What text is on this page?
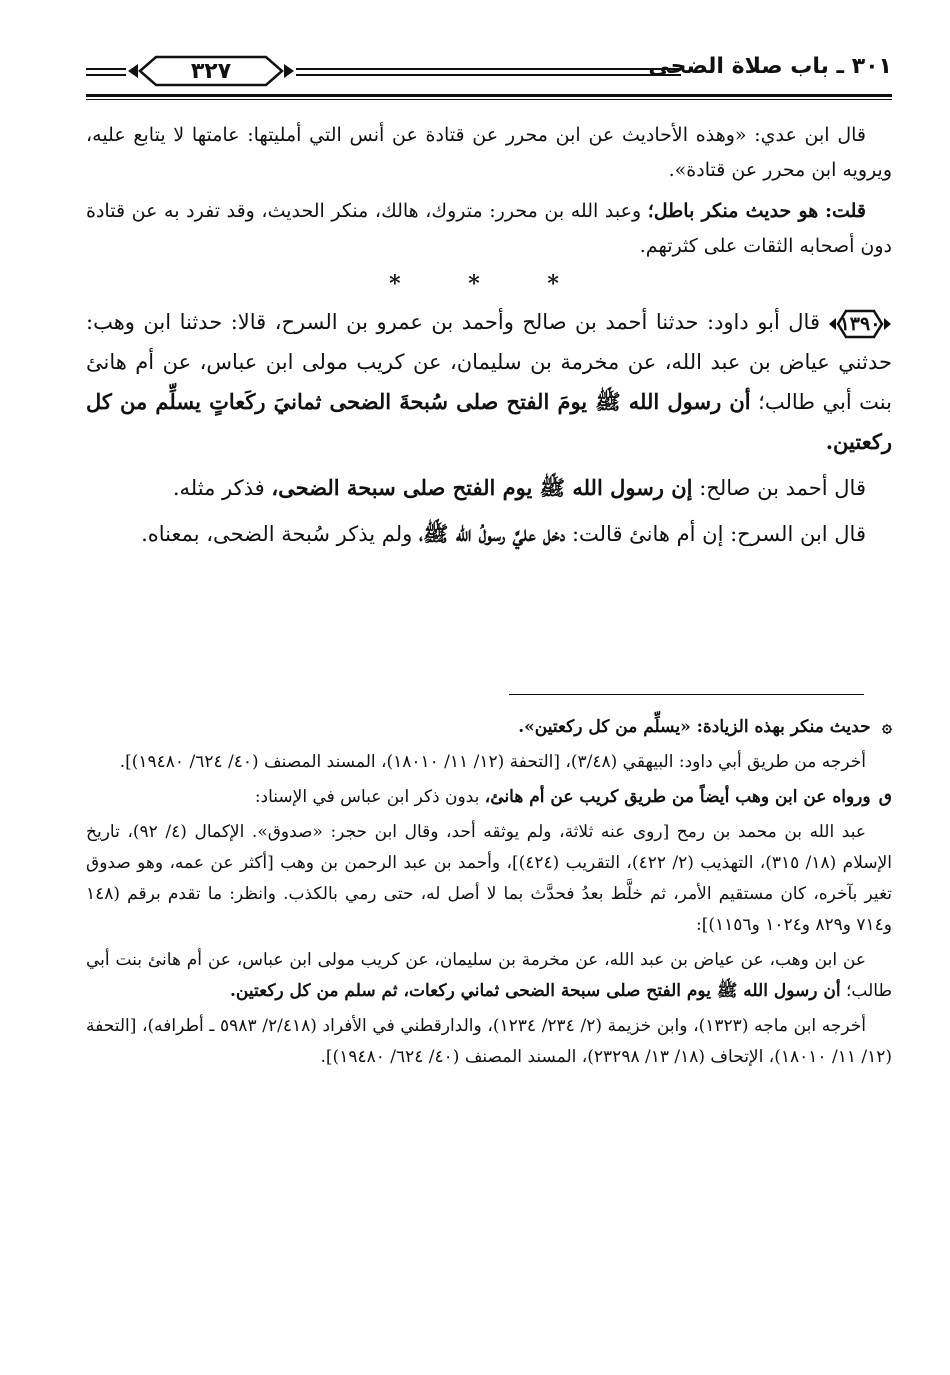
٣٠١ ـ باب صلاة الضحى
٣٢٧

قال ابن عدي: «وهذه الأحاديث عن ابن محرر عن قتادة عن أنس التي أمليتها: عامتها لا يتابع عليه، ويرويه ابن محرر عن قتادة».

قلت: هو حديث منكر باطل؛ وعبد الله بن محرر: متروك، هالك، منكر الحديث، وقد تفرد به عن قتادة دون أصحابه الثقات على كثرتهم.

* * *

١٣٩٠
قال أبو داود: حدثنا أحمد بن صالح وأحمد بن عمرو بن السرح، قالا: حدثنا ابن وهب: حدثني عياض بن عبد الله، عن مخرمة بن سليمان، عن كريب مولى ابن عباس، عن أم هانئ بنت أبي طالب؛ أن رسول الله ﷺ يومَ الفتح صلى سُبحةَ الضحى ثمانيَ ركَعاتٍ يسلِّم من كل ركعتين.

قال أحمد بن صالح: إن رسول الله ﷺ يوم الفتح صلى سبحة الضحى، فذكر مثله.

قال ابن السرح: إن أم هانئ قالت: دخل عليَّ رسولُ الله ﷺ، ولم يذكر سُبحة الضحى، بمعناه.

۞ حديث منكر بهذه الزيادة: «يسلِّم من كل ركعتين».

أخرجه من طريق أبي داود: البيهقي (٣/٤٨)، [التحفة (١٢/ ١١/ ١٨٠١٠)، المسند المصنف (٤٠/ ٦٢٤/ ١٩٤٨٠)].

ٯ ورواه عن ابن وهب أيضاً من طريق كريب عن أم هانئ، بدون ذكر ابن عباس في الإسناد:

عبد الله بن محمد بن رمح [روى عنه ثلاثة، ولم يوثقه أحد، وقال ابن حجر: «صدوق». الإكمال (٤/ ٩٢)، تاريخ الإسلام (١٨/ ٣١٥)، التهذيب (٢/ ٤٢٢)، التقريب (٤٢٤)]، وأحمد بن عبد الرحمن بن وهب [أكثر عن عمه، وهو صدوق تغير بآخره، كان مستقيم الأمر، ثم خلَّط بعدُ فحدَّث بما لا أصل له، حتى رمي بالكذب. وانظر: ما تقدم برقم (١٤٨ و٧١٤ و٨٢٩ و١٠٢٤ و١١٥٦)]:

عن ابن وهب، عن عياض بن عبد الله، عن مخرمة بن سليمان، عن كريب مولى ابن عباس، عن أم هانئ بنت أبي طالب؛ أن رسول الله ﷺ يوم الفتح صلى سبحة الضحى ثماني ركعات، ثم سلم من كل ركعتين.

أخرجه ابن ماجه (١٣٢٣)، وابن خزيمة (٢/ ٢٣٤/ ١٢٣٤)، والدارقطني في الأفراد (٢/٤١٨/ ٥٩٨٣ ـ أطرافه)، [التحفة (١٢/ ١١/ ١٨٠١٠)، الإتحاف (١٨/ ١٣/ ٢٣٢٩٨)، المسند المصنف (٤٠/ ٦٢٤/ ١٩٤٨٠)].
